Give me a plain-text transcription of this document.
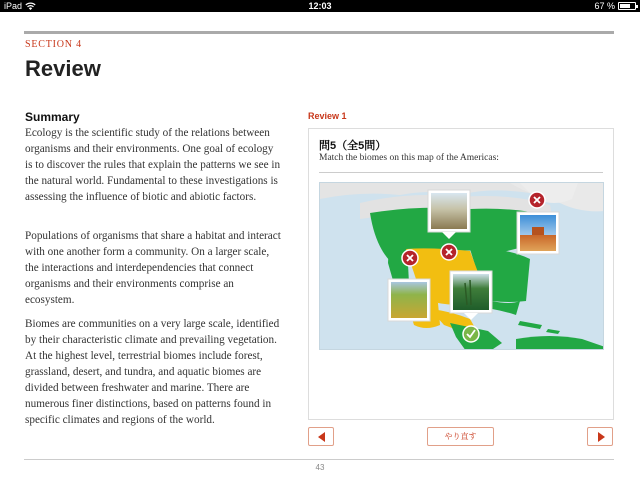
iPad	12:03	67 %
SECTION 4
Review
Summary

Ecology is the scientific study of the relations between organisms and their environments. One goal of ecology is to discover the rules that explain the patterns we see in the natural world. Fundamental to these investigations is assessing the influence of biotic and abiotic factors.

Populations of organisms that share a habitat and interact with one another form a community. On a larger scale, the interactions and interdependencies that connect organisms and their environments comprise an ecosystem.

Biomes are communities on a very large scale, identified by their characteristic climate and prevailing vegetation. At the highest level, terrestrial biomes include forest, grassland, desert, and tundra, and aquatic biomes are divided between freshwater and marine. There are numerous finer distinctions, based on patterns found in specific climates and regions of the world.

Review 1
問5（全5問）
Match the biomes on this map of the Americas:
やり直す
43
